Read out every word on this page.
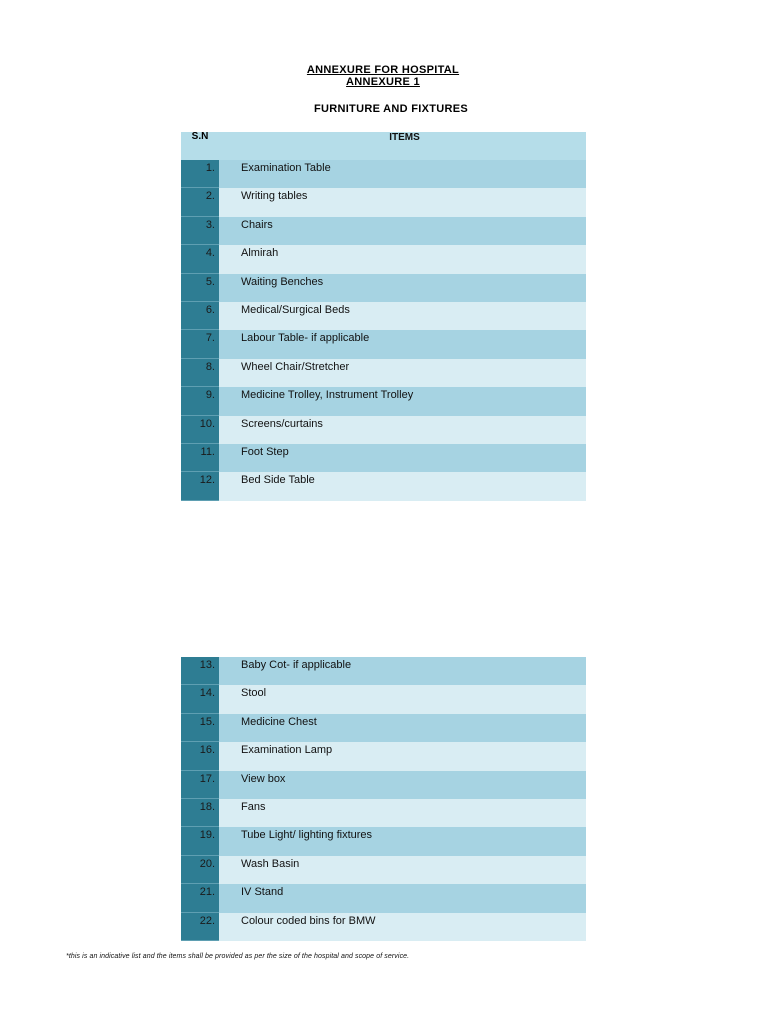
ANNEXURE FOR HOSPITAL
ANNEXURE 1
FURNITURE AND FIXTURES
S.N	ITEMS
1.	Examination Table
2.	Writing tables
3.	Chairs
4.	Almirah
5.	Waiting Benches
6.	Medical/Surgical Beds
7.	Labour Table- if applicable
8.	Wheel Chair/Stretcher
9.	Medicine Trolley, Instrument Trolley
10.	Screens/curtains
11.	Foot Step
12.	Bed Side Table
13.	Baby Cot- if applicable
14.	Stool
15.	Medicine Chest
16.	Examination Lamp
17.	View box
18.	Fans
19.	Tube Light/ lighting fixtures
20.	Wash Basin
21.	IV Stand
22.	Colour coded bins for BMW
*this is an indicative list and the items shall be provided as per the size of the hospital and scope of service.
